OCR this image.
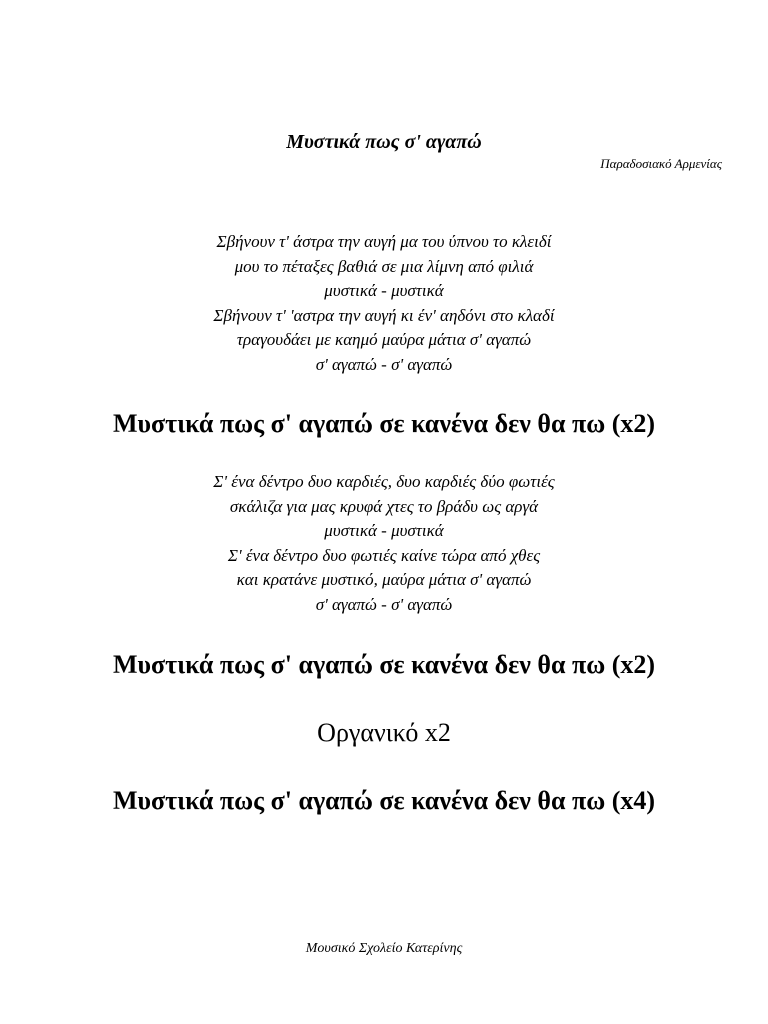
Μυστικά πως σ' αγαπώ
Παραδοσιακό Αρμενίας
Σβήνουν τ' άστρα την αυγή μα του ύπνου το κλειδί
μου το πέταξες βαθιά σε μια λίμνη από φιλιά
μυστικά - μυστικά
Σβήνουν τ' 'αστρα την αυγή κι έν' αηδόνι στο κλαδί
τραγουδάει με καημό μαύρα μάτια σ' αγαπώ
σ' αγαπώ - σ' αγαπώ
Μυστικά πως σ' αγαπώ σε κανένα δεν θα πω (x2)
Σ' ένα δέντρο δυο καρδιές, δυο καρδιές δύο φωτιές
σκάλιζα για μας κρυφά χτες το βράδυ ως αργά
μυστικά - μυστικά
Σ' ένα δέντρο δυο φωτιές καίνε τώρα από χθες
και κρατάνε μυστικό, μαύρα μάτια σ' αγαπώ
σ' αγαπώ - σ' αγαπώ
Μυστικά πως σ' αγαπώ σε κανένα δεν θα πω (x2)
Οργανικό x2
Μυστικά πως σ' αγαπώ σε κανένα δεν θα πω (x4)
Μουσικό Σχολείο Κατερίνης
